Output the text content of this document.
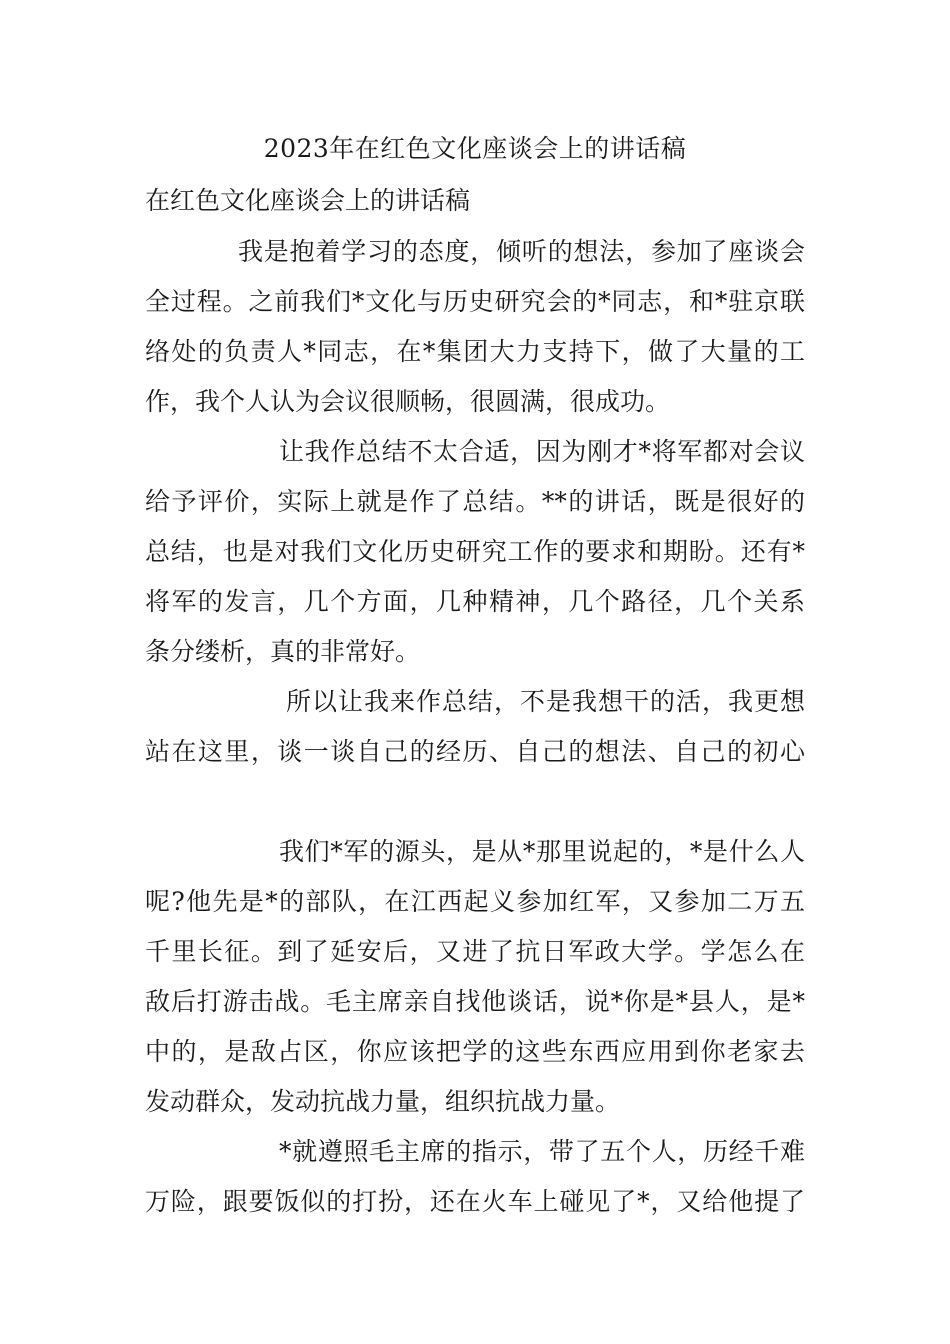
2023年在红色文化座谈会上的讲话稿
在红色文化座谈会上的讲话稿
我是抱着学习的态度，倾听的想法，参加了座谈会
全过程。之前我们*文化与历史研究会的*同志，和*驻京联
络处的负责人*同志，在*集团大力支持下，做了大量的工
作，我个人认为会议很顺畅，很圆满，很成功。
让我作总结不太合适，因为刚才*将军都对会议
给予评价，实际上就是作了总结。**的讲话，既是很好的
总结，也是对我们文化历史研究工作的要求和期盼。还有*
将军的发言，几个方面，几种精神，几个路径，几个关系
条分缕析，真的非常好。
所以让我来作总结，不是我想干的活，我更想
站在这里，谈一谈自己的经历、自己的想法、自己的初心
我们*军的源头，是从*那里说起的，*是什么人
呢?他先是*的部队，在江西起义参加红军，又参加二万五
千里长征。到了延安后，又进了抗日军政大学。学怎么在
敌后打游击战。毛主席亲自找他谈话，说*你是*县人，是*
中的，是敌占区，你应该把学的这些东西应用到你老家去
发动群众，发动抗战力量，组织抗战力量。
*就遵照毛主席的指示，带了五个人，历经千难
万险，跟要饭似的打扮，还在火车上碰见了*，又给他提了
